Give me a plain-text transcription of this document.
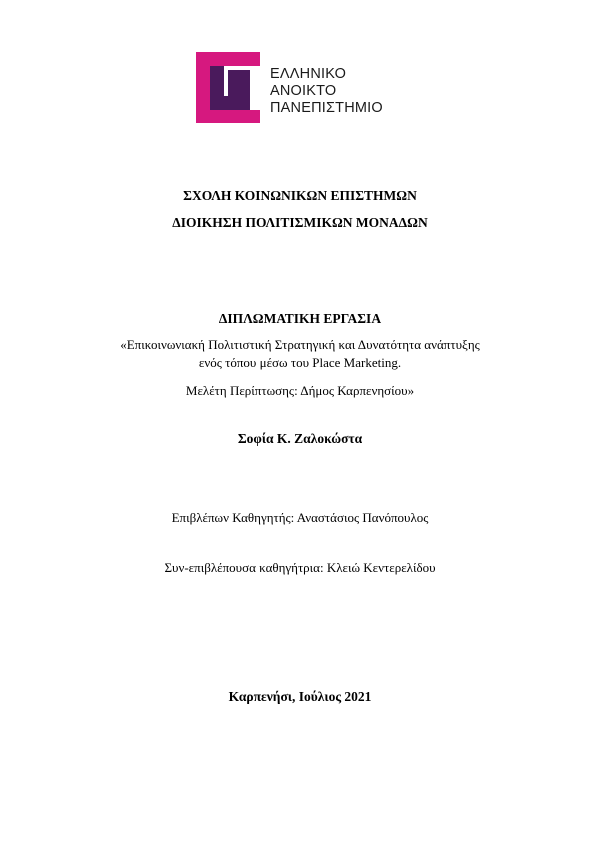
ΕΛΛΗΝΙΚΟ
ΑΝΟΙΚΤΟ
ΠΑΝΕΠΙΣΤΗΜΙΟ
ΣΧΟΛΗ ΚΟΙΝΩΝΙΚΩΝ ΕΠΙΣΤΗΜΩΝ
ΔΙΟΙΚΗΣΗ ΠΟΛΙΤΙΣΜΙΚΩΝ ΜΟΝΑΔΩΝ
ΔΙΠΛΩΜΑΤΙΚΗ ΕΡΓΑΣΙΑ
«Επικοινωνιακή Πολιτιστική Στρατηγική και Δυνατότητα ανάπτυξης
ενός τόπου μέσω του Place Marketing.
Μελέτη Περίπτωσης: Δήμος Καρπενησίου»
Σοφία Κ. Ζαλοκώστα
Επιβλέπων Καθηγητής: Αναστάσιος Πανόπουλος
Συν-επιβλέπουσα καθηγήτρια: Κλειώ Κεντερελίδου
Καρπενήσι, Ιούλιος 2021
